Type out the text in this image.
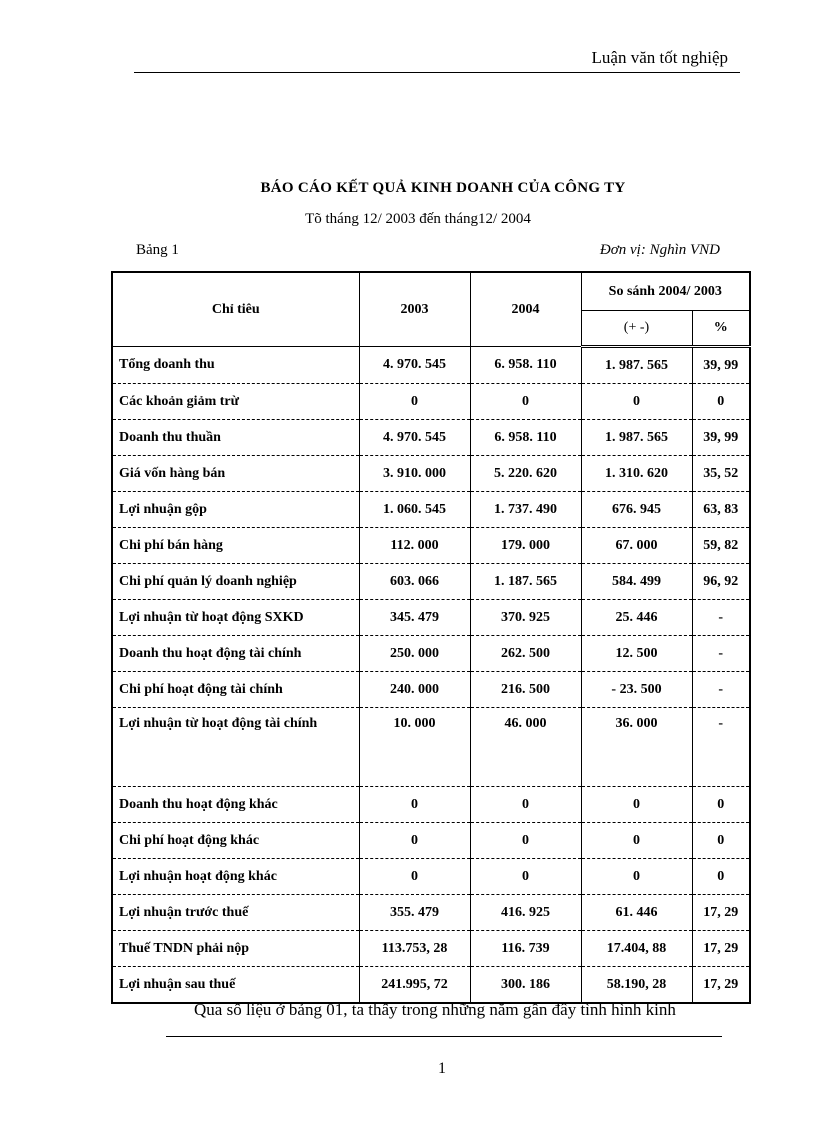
Luận văn tốt nghiệp
BÁO CÁO KẾT QUẢ KINH DOANH CỦA CÔNG TY
Tõ tháng 12/ 2003 đến tháng12/ 2004
Bảng 1	Đơn vị: Nghìn VND
Chỉ tiêu	2003	2004	So sánh 2004/ 2003	
			(+ -)	%
Tổng doanh thu	4. 970. 545	6. 958. 110	1. 987. 565	39, 99
Các khoản giảm trừ	0	0	0	0
Doanh thu thuần	4. 970. 545	6. 958. 110	1. 987. 565	39, 99
Giá vốn hàng bán	3. 910. 000	5. 220. 620	1. 310. 620	35, 52
Lợi nhuận gộp	1. 060. 545	1. 737. 490	676. 945	63, 83
Chi phí bán hàng	112. 000	179. 000	67. 000	59, 82
Chi phí quản lý doanh nghiệp	603. 066	1. 187. 565	584. 499	96, 92
Lợi nhuận từ hoạt động SXKD	345. 479	370. 925	25. 446	-
Doanh thu hoạt động tài chính	250. 000	262. 500	12. 500	-
Chi phí hoạt động tài chính	240. 000	216. 500	- 23. 500	-
Lợi nhuận từ hoạt động tài chính	10. 000	46. 000	36. 000	-
Doanh thu hoạt động khác	0	0	0	0
Chi phí hoạt động khác	0	0	0	0
Lợi nhuận hoạt động khác	0	0	0	0
Lợi nhuận trước thuế	355. 479	416. 925	61. 446	17, 29
Thuế TNDN phải nộp	113.753, 28	116. 739	17.404, 88	17, 29
Lợi nhuận sau thuế	241.995, 72	300. 186	58.190, 28	17, 29
Qua số liệu ở bảng 01, ta thấy trong những năm gần đây tình hình kinh
1
